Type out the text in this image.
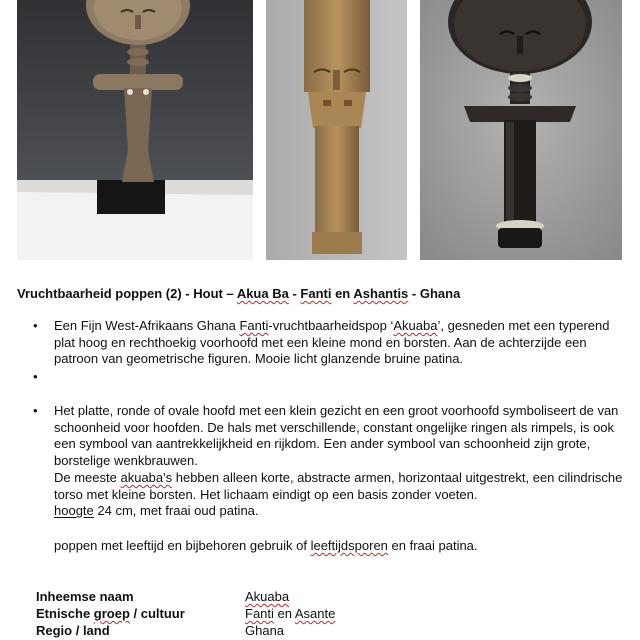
Vruchtbaarheid poppen (2) - Hout – Akua Ba - Fanti en Ashantis - Ghana
•	Een Fijn West-Afrikaans Ghana Fanti-vruchtbaarheidspop ‘Akuaba’, gesneden met een typerend plat hoog en rechthoekig voorhoofd met een kleine mond en borsten. Aan de achterzijde een patroon van geometrische figuren. Mooie licht glanzende bruine patina.
•
•	Het platte, ronde of ovale hoofd met een klein gezicht en een groot voorhoofd symboliseert de van schoonheid voor hoofden. De hals met verschillende, constant ongelijke ringen als rimpels, is ook een symbool van aantrekkelijkheid en rijkdom. Een ander symbool van schoonheid zijn grote, borstelige wenkbrauwen.
De meeste akuaba's hebben alleen korte, abstracte armen, horizontaal uitgestrekt, een cilindrische torso met kleine borsten. Het lichaam eindigt op een basis zonder voeten.
hoogte 24 cm, met fraai oud patina.
poppen met leeftijd en bijbehoren gebruik of leeftijdsporen en fraai patina.
Inheemse naam	Akuaba
Etnische groep / cultuur	Fanti en Asante
Regio / land	Ghana
